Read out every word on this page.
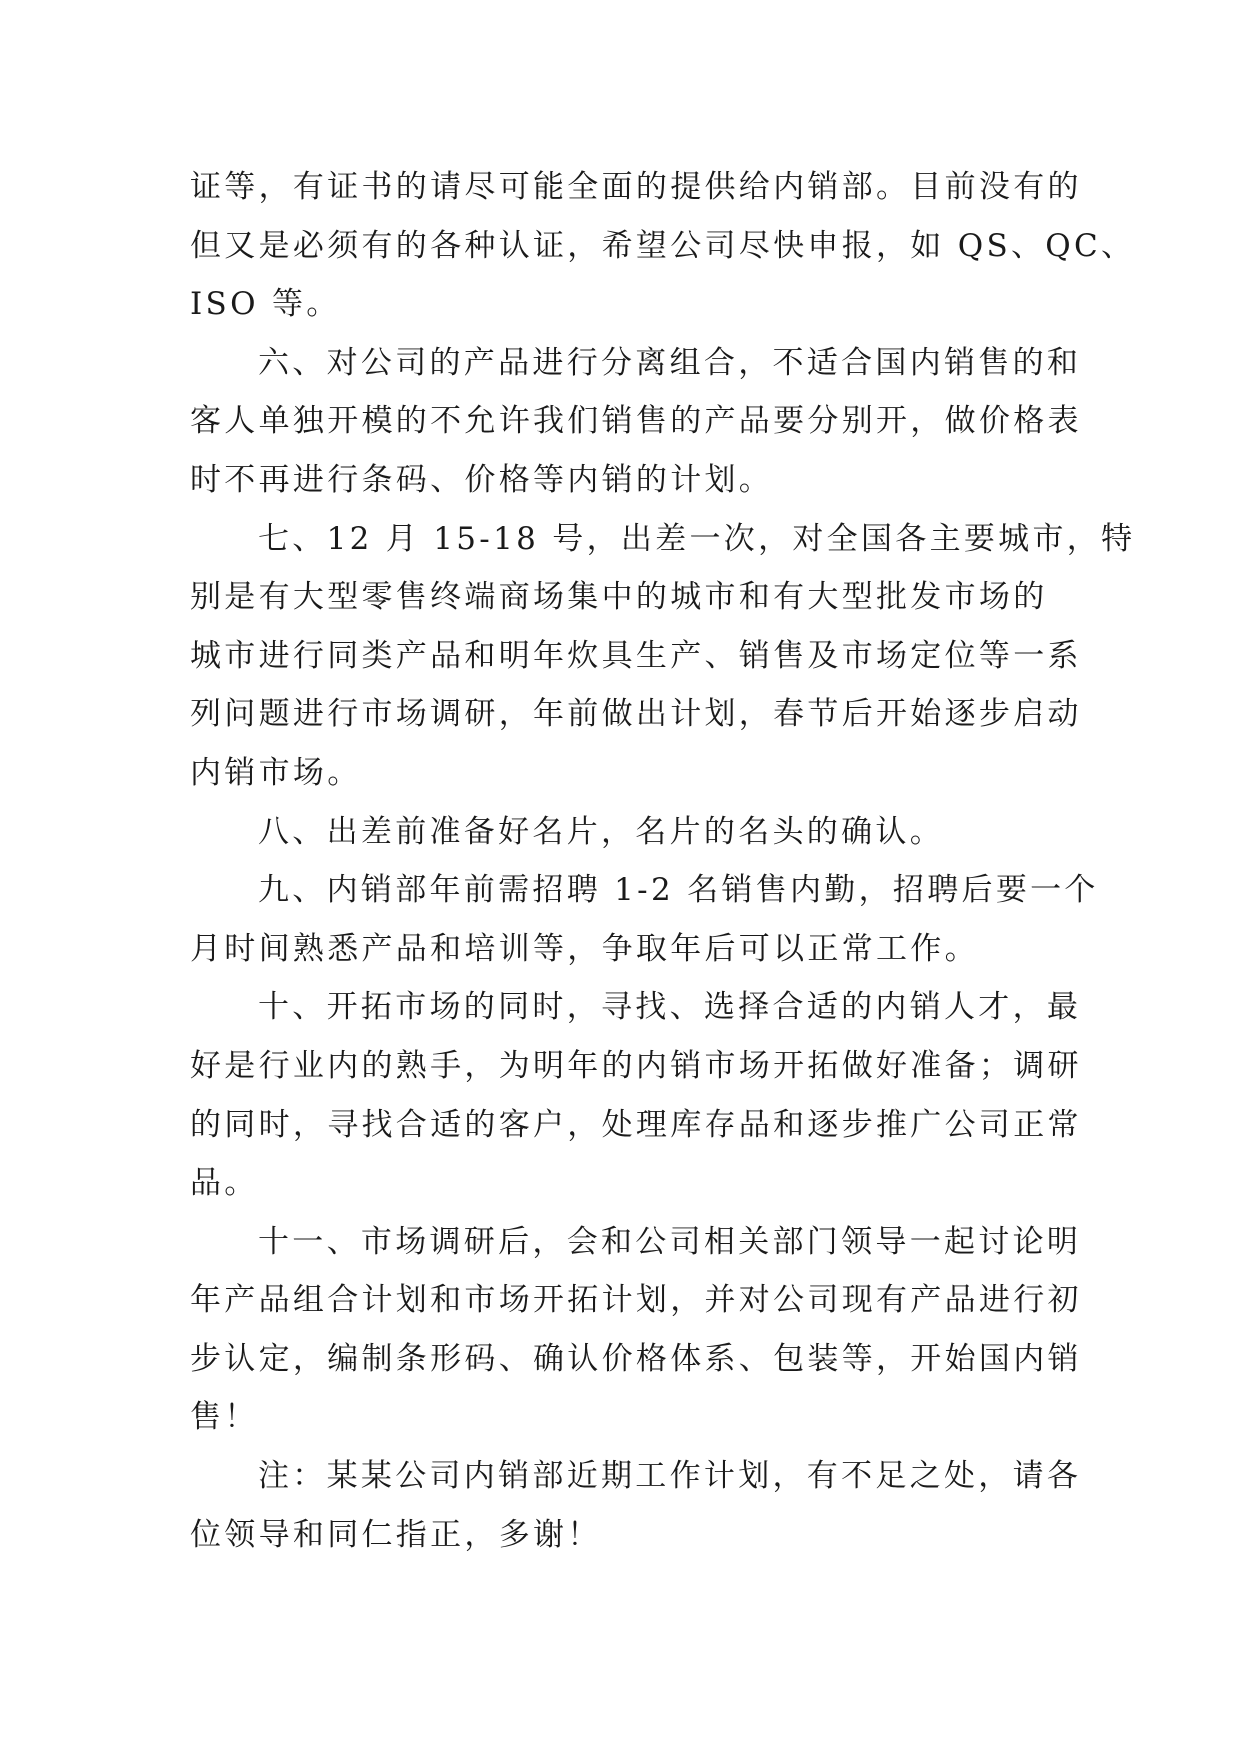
证等，有证书的请尽可能全面的提供给内销部。目前没有的
但又是必须有的各种认证，希望公司尽快申报，如 QS、QC、
ISO 等。
六、对公司的产品进行分离组合，不适合国内销售的和
客人单独开模的不允许我们销售的产品要分别开，做价格表
时不再进行条码、价格等内销的计划。
七、12 月 15-18 号，出差一次，对全国各主要城市，特
别是有大型零售终端商场集中的城市和有大型批发市场的
城市进行同类产品和明年炊具生产、销售及市场定位等一系
列问题进行市场调研，年前做出计划，春节后开始逐步启动
内销市场。
八、出差前准备好名片，名片的名头的确认。
九、内销部年前需招聘 1-2 名销售内勤，招聘后要一个
月时间熟悉产品和培训等，争取年后可以正常工作。
十、开拓市场的同时，寻找、选择合适的内销人才，最
好是行业内的熟手，为明年的内销市场开拓做好准备；调研
的同时，寻找合适的客户，处理库存品和逐步推广公司正常
品。
十一、市场调研后，会和公司相关部门领导一起讨论明
年产品组合计划和市场开拓计划，并对公司现有产品进行初
步认定，编制条形码、确认价格体系、包装等，开始国内销
售！
注：某某公司内销部近期工作计划，有不足之处，请各
位领导和同仁指正，多谢！
